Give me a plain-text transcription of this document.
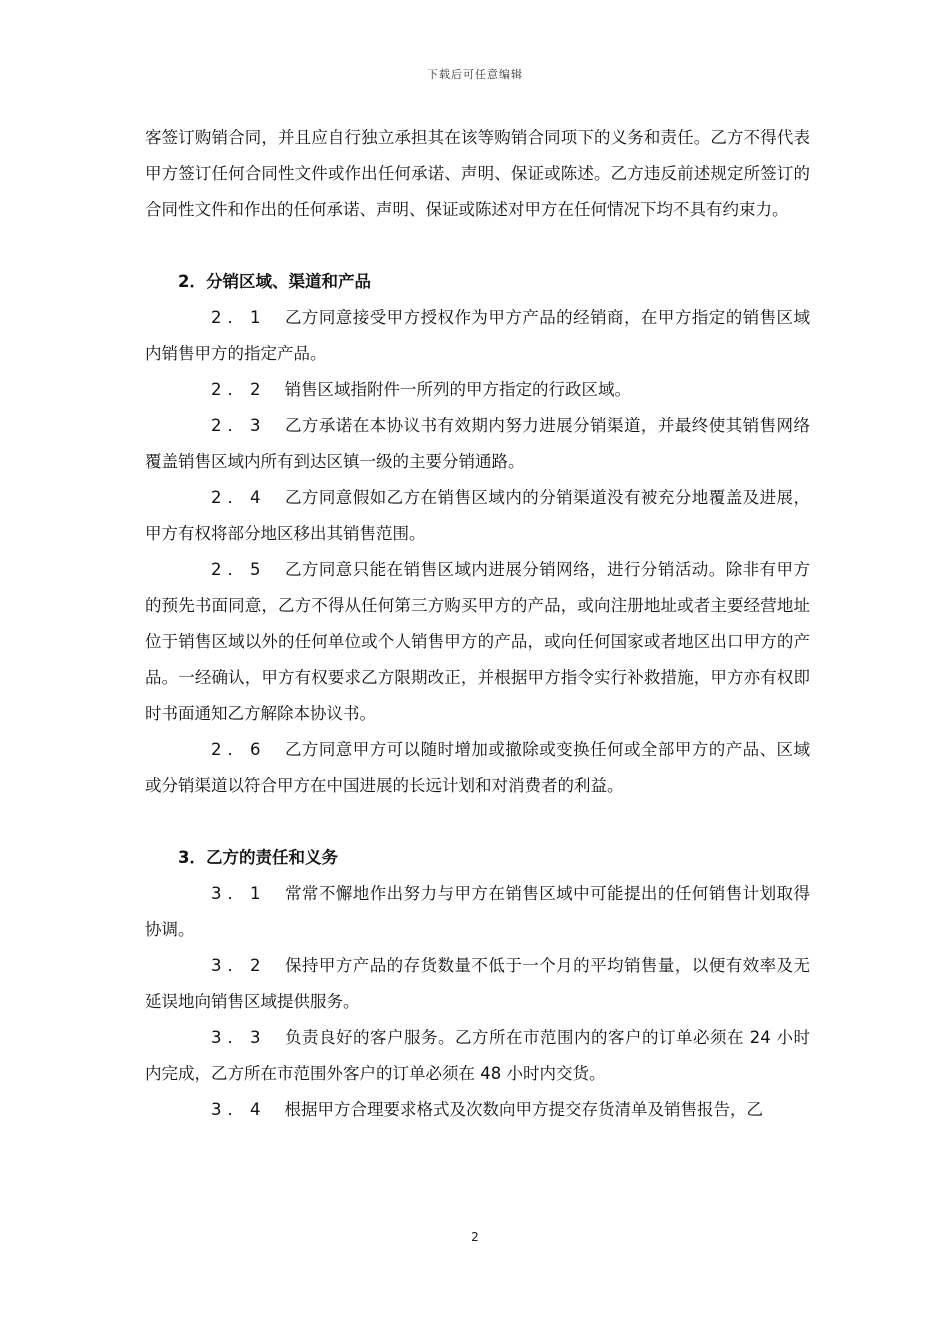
下载后可任意编辑

客签订购销合同，并且应自行独立承担其在该等购销合同项下的义务和责任。乙方不得代表甲方签订任何合同性文件或作出任何承诺、声明、保证或陈述。乙方违反前述规定所签订的合同性文件和作出的任何承诺、声明、保证或陈述对甲方在任何情况下均不具有约束力。

2．分销区域、渠道和产品

2．1 乙方同意接受甲方授权作为甲方产品的经销商，在甲方指定的销售区域内销售甲方的指定产品。

2．2 销售区域指附件一所列的甲方指定的行政区域。

2．3 乙方承诺在本协议书有效期内努力进展分销渠道，并最终使其销售网络覆盖销售区域内所有到达区镇一级的主要分销通路。

2．4 乙方同意假如乙方在销售区域内的分销渠道没有被充分地覆盖及进展，甲方有权将部分地区移出其销售范围。

2．5 乙方同意只能在销售区域内进展分销网络，进行分销活动。除非有甲方的预先书面同意，乙方不得从任何第三方购买甲方的产品，或向注册地址或者主要经营地址位于销售区域以外的任何单位或个人销售甲方的产品，或向任何国家或者地区出口甲方的产品。一经确认，甲方有权要求乙方限期改正，并根据甲方指令实行补救措施，甲方亦有权即时书面通知乙方解除本协议书。

2．6 乙方同意甲方可以随时增加或撤除或变换任何或全部甲方的产品、区域或分销渠道以符合甲方在中国进展的长远计划和对消费者的利益。

3．乙方的责任和义务

3．1 常常不懈地作出努力与甲方在销售区域中可能提出的任何销售计划取得协调。

3．2 保持甲方产品的存货数量不低于一个月的平均销售量，以便有效率及无延误地向销售区域提供服务。

3．3 负责良好的客户服务。乙方所在市范围内的客户的订单必须在 24 小时内完成，乙方所在市范围外客户的订单必须在 48 小时内交货。

3．4 根据甲方合理要求格式及次数向甲方提交存货清单及销售报告，乙

2
